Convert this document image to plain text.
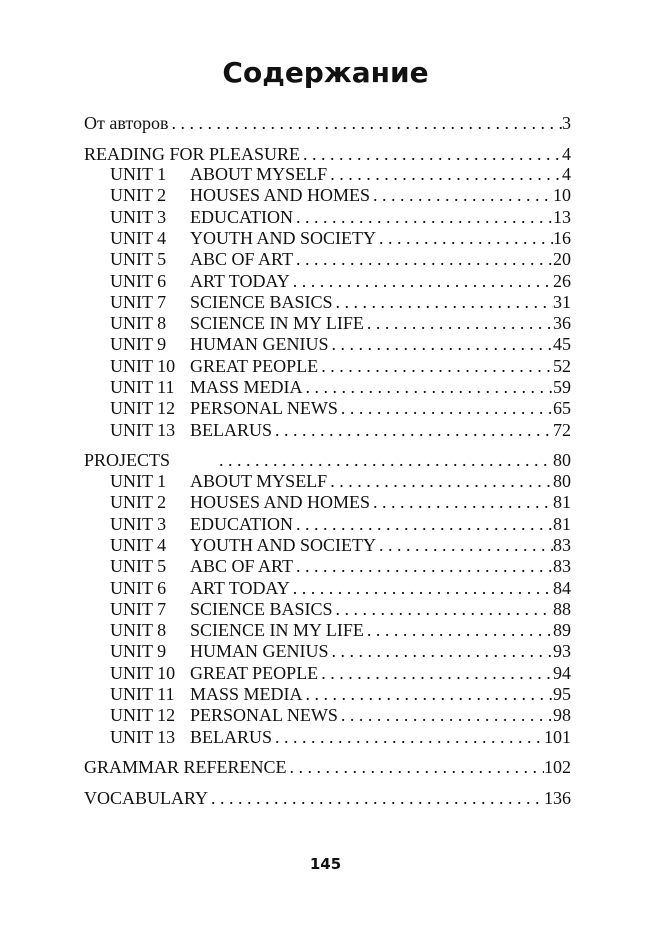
Содержание
От авторов . . .	3
READING FOR PLEASURE . . .	4
UNIT 1	ABOUT MYSELF . . .	4
UNIT 2	HOUSES AND HOMES . . .	10
UNIT 3	EDUCATION . . .	13
UNIT 4	YOUTH AND SOCIETY . . .	16
UNIT 5	ABC OF ART . . .	20
UNIT 6	ART TODAY . . .	26
UNIT 7	SCIENCE BASICS . . .	31
UNIT 8	SCIENCE IN MY LIFE . . .	36
UNIT 9	HUMAN GENIUS . . .	45
UNIT 10 GREAT PEOPLE . . .	52
UNIT 11 MASS MEDIA . . .	59
UNIT 12 PERSONAL NEWS . . .	65
UNIT 13 BELARUS . . .	72
PROJECTS . . .	80
UNIT 1	ABOUT MYSELF . . .	80
UNIT 2	HOUSES AND HOMES . . .	81
UNIT 3	EDUCATION . . .	81
UNIT 4	YOUTH AND SOCIETY . . .	83
UNIT 5	ABC OF ART . . .	83
UNIT 6	ART TODAY . . .	84
UNIT 7	SCIENCE BASICS . . .	88
UNIT 8	SCIENCE IN MY LIFE . . .	89
UNIT 9	HUMAN GENIUS . . .	93
UNIT 10 GREAT PEOPLE . . .	94
UNIT 11 MASS MEDIA . . .	95
UNIT 12 PERSONAL NEWS . . .	98
UNIT 13 BELARUS . . .	101
GRAMMAR REFERENCE . . .	102
VOCABULARY . . .	136
145
